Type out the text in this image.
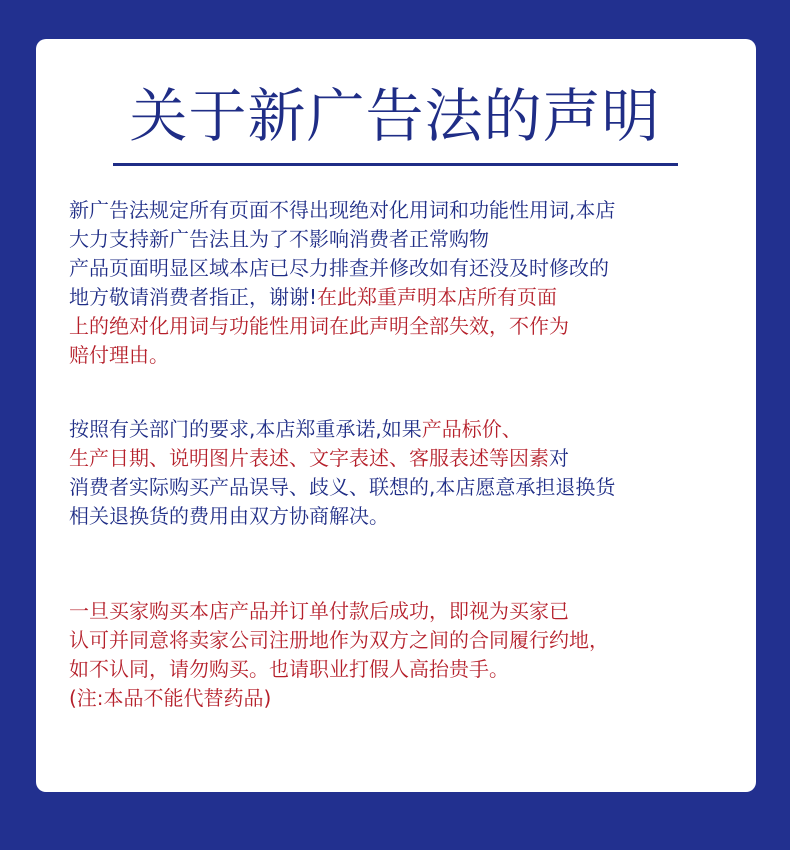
关于新广告法的声明
新广告法规定所有页面不得出现绝对化用词和功能性用词,本店
大力支持新广告法且为了不影响消费者正常购物
产品页面明显区域本店已尽力排查并修改如有还没及时修改的
地方敬请消费者指正，谢谢!在此郑重声明本店所有页面
上的绝对化用词与功能性用词在此声明全部失效，不作为
赔付理由。
按照有关部门的要求,本店郑重承诺,如果产品标价、
生产日期、说明图片表述、文字表述、客服表述等因素对
消费者实际购买产品误导、歧义、联想的,本店愿意承担退换货
相关退换货的费用由双方协商解决。
一旦买家购买本店产品并订单付款后成功，即视为买家已
认可并同意将卖家公司注册地作为双方之间的合同履行约地，
如不认同，请勿购买。也请职业打假人高抬贵手。
(注:本品不能代替药品)
